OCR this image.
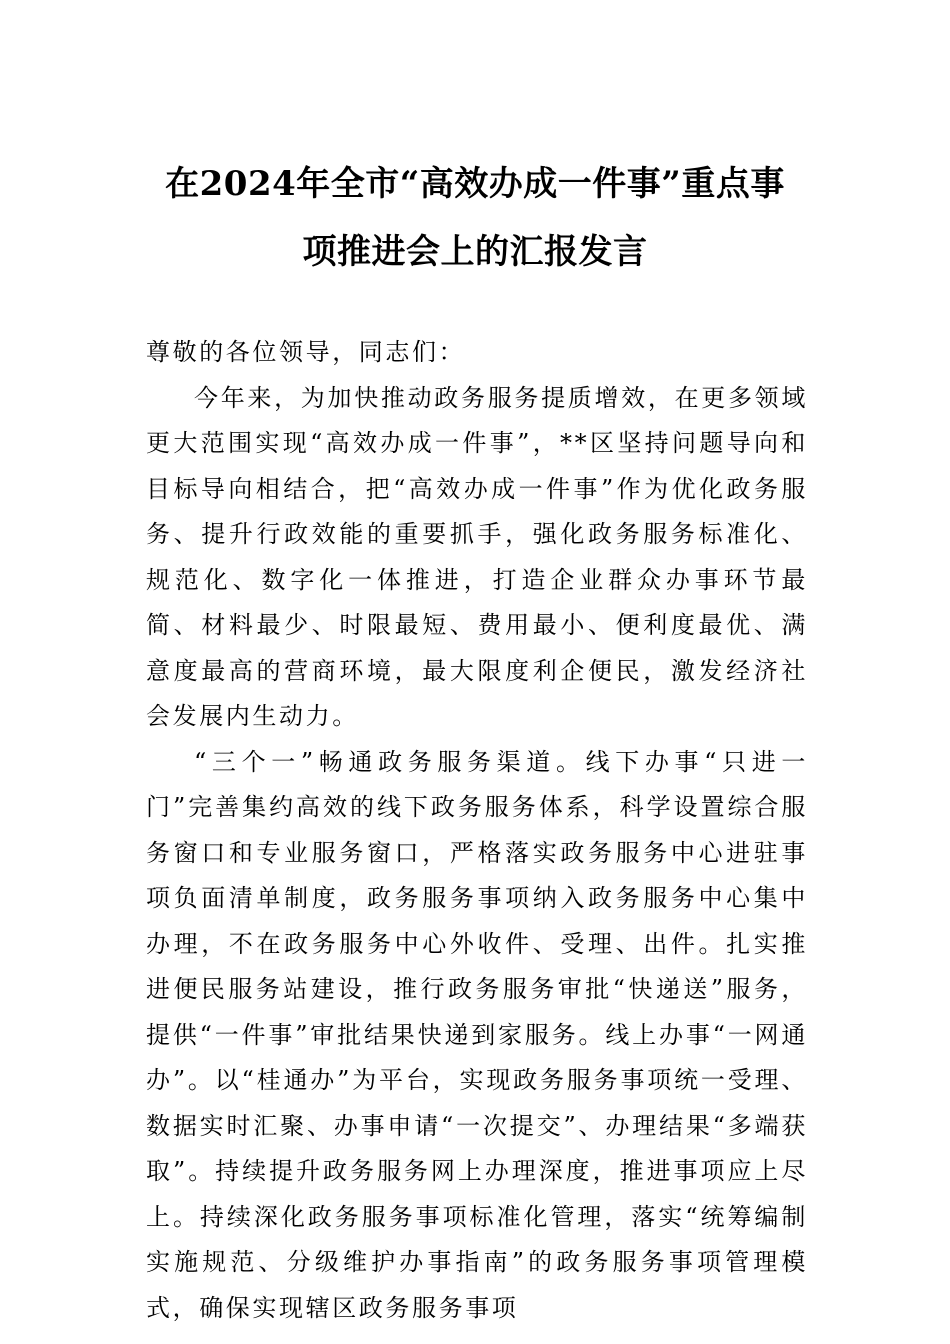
在2024年全市“高效办成一件事”重点事
项推进会上的汇报发言

尊敬的各位领导，同志们：

今年来，为加快推动政务服务提质增效，在更多领域更大范围实现“高效办成一件事”，**区坚持问题导向和目标导向相结合，把“高效办成一件事”作为优化政务服务、提升行政效能的重要抓手，强化政务服务标准化、规范化、数字化一体推进，打造企业群众办事环节最简、材料最少、时限最短、费用最小、便利度最优、满意度最高的营商环境，最大限度利企便民，激发经济社会发展内生动力。

“三个一”畅通政务服务渠道。线下办事“只进一门”完善集约高效的线下政务服务体系，科学设置综合服务窗口和专业服务窗口，严格落实政务服务中心进驻事项负面清单制度，政务服务事项纳入政务服务中心集中办理，不在政务服务中心外收件、受理、出件。扎实推进便民服务站建设，推行政务服务审批“快递送”服务，提供“一件事”审批结果快递到家服务。线上办事“一网通办”。以“桂通办”为平台，实现政务服务事项统一受理、数据实时汇聚、办事申请“一次提交”、办理结果“多端获取”。持续提升政务服务网上办理深度，推进事项应上尽上。持续深化政务服务事项标准化管理，落实“统筹编制实施规范、分级维护办事指南”的政务服务事项管理模式，确保实现辖区政务服务事项
